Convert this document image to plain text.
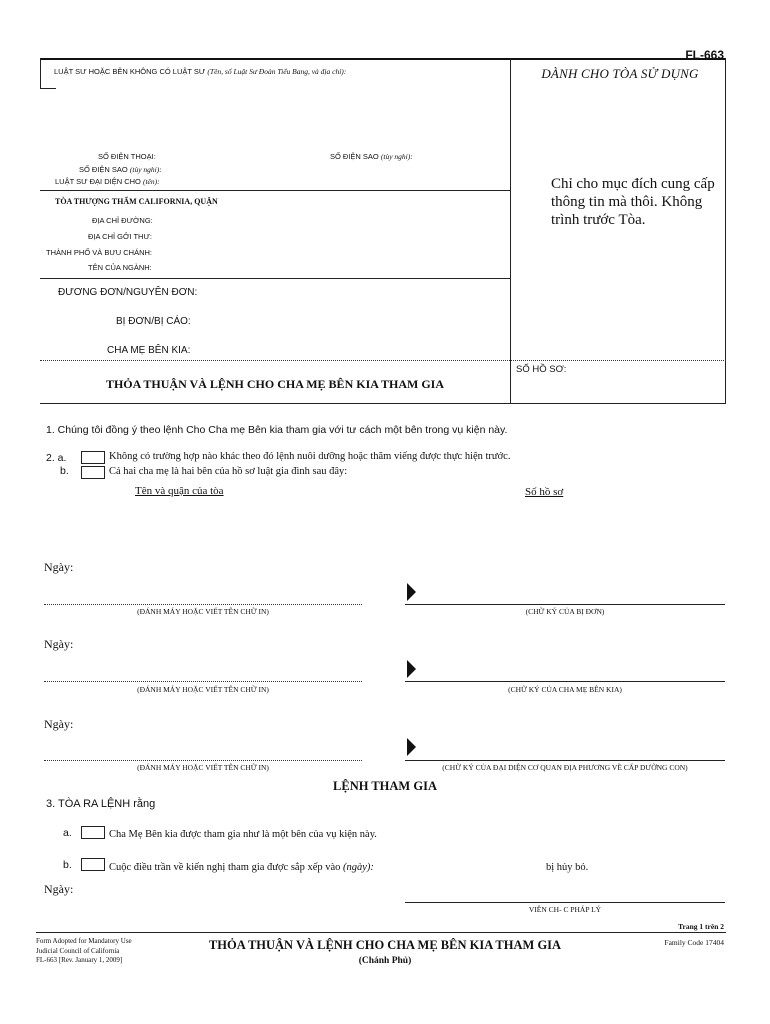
FL-663
LUẬT SƯ HOẶC BÊN KHÔNG CÓ LUẬT SƯ (Tên, số Luật Sư Đoàn Tiểu Bang, và địa chỉ):	DÀNH CHO TÒA SỬ DỤNG
SỐ ĐIỆN THOẠI:	SỐ ĐIỆN SAO (tùy nghi):
SỐ ĐIỆN SAO (tùy nghi):
LUẬT SƯ ĐẠI DIỆN CHO (tên):
TÒA THƯỢNG THẨM CALIFORNIA, QUẬN
ĐỊA CHỈ ĐƯỜNG:
ĐỊA CHỈ GỞI THƯ:
THÀNH PHỐ VÀ BƯU CHÁNH:
TÊN CỦA NGÀNH:
ĐƯƠNG ĐƠN/NGUYÊN ĐƠN:
BỊ ĐƠN/BỊ CÁO:
CHA MẸ BÊN KIA:
Chỉ cho mục đích cung cấp thông tin mà thôi. Không trình trước Tòa.
THỎA THUẬN VÀ LỆNH CHO CHA MẸ BÊN KIA THAM GIA
SỐ HỒ SƠ:
1. Chúng tôi đồng ý theo lệnh Cho Cha mẹ Bên kia tham gia với tư cách một bên trong vụ kiện này.
2. a.	Không có trường hợp nào khác theo đó lệnh nuôi dưỡng hoặc thăm viếng được thực hiện trước.
b.	Cả hai cha mẹ là hai bên của hồ sơ luật gia đình sau đây:
Tên và quận của tòa	Số hồ sơ
Ngày:
(ĐÁNH MÁY HOẶC VIẾT TÊN CHỮ IN)	(CHỮ KÝ CỦA BỊ ĐƠN)
Ngày:
(ĐÁNH MÁY HOẶC VIẾT TÊN CHỮ IN)	(CHỮ KÝ CỦA CHA MẸ BÊN KIA)
Ngày:
(ĐÁNH MÁY HOẶC VIẾT TÊN CHỮ IN)	(CHỮ KÝ CỦA ĐẠI DIỆN CƠ QUAN ĐỊA PHƯƠNG VỀ CẤP DƯỠNG CON)
LỆNH THAM GIA
3. TÒA RA LỆNH rằng
a.	Cha Mẹ Bên kia được tham gia như là một bên của vụ kiện này.
b.	Cuộc điều trần về kiến nghị tham gia được sắp xếp vào (ngày):	bị hủy bỏ.
Ngày:
VIÊN CH- C PHÁP LÝ
Trang 1 trên 2
Form Adopted for Mandatory Use
Judicial Council of California
FL-663 [Rev. January 1, 2009]
THỎA THUẬN VÀ LỆNH CHO CHA MẸ BÊN KIA THAM GIA
(Chánh Phủ)
Family Code 17404
